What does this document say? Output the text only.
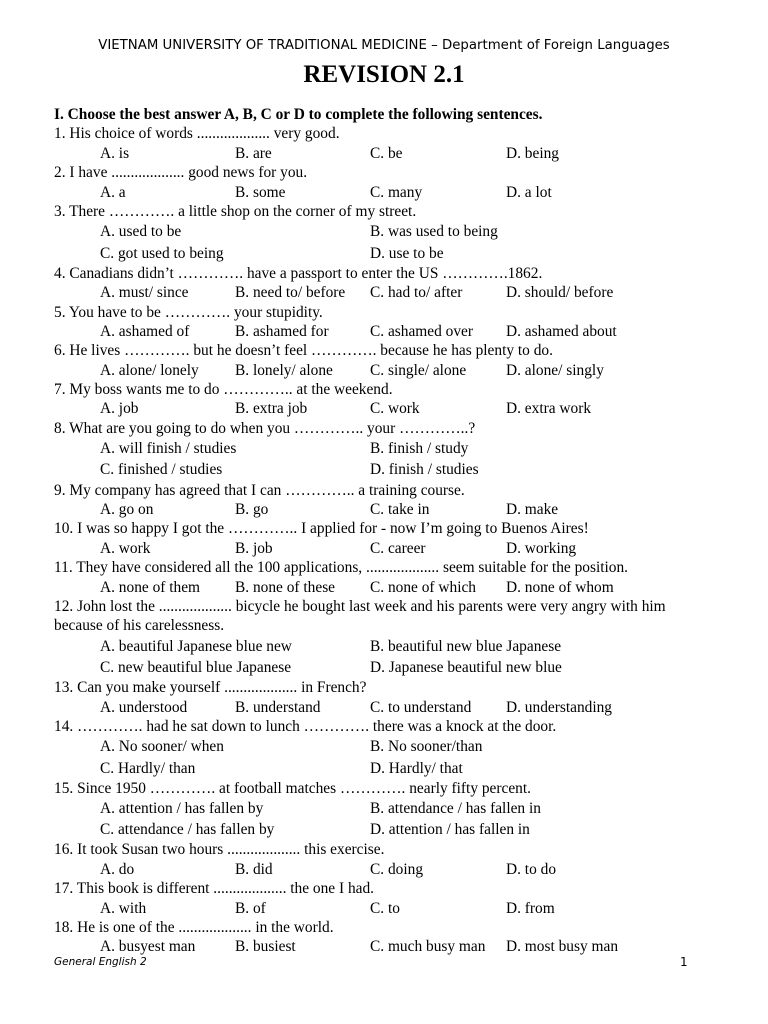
VIETNAM UNIVERSITY OF TRADITIONAL MEDICINE – Department of Foreign Languages
REVISION 2.1
I. Choose the best answer A, B, C or D to complete the following sentences.
1. His choice of words ................... very good.
A. is	B. are	C. be	D. being
2. I have ................... good news for you.
A. a	B. some	C. many	D. a lot
3. There …………. a little shop on the corner of my street.
A. used to be	B. was used to being
C. got used to being	D. use to be
4. Canadians didn’t …………. have a passport to enter the US ………….1862.
A. must/ since	B. need to/ before C. had to/ after	D. should/ before
5. You have to be …………. your stupidity.
A. ashamed of	B. ashamed for	C. ashamed over D. ashamed about
6. He lives …………. but he doesn’t feel …………. because he has plenty to do.
A. alone/ lonely B. lonely/ alone C. single/ alone	D. alone/ singly
7. My boss wants me to do ………….. at the weekend.
A. job	B. extra job	C. work	D. extra work
8. What are you going to do when you ………….. your …………..?
A. will finish / studies	B. finish / study
C. finished / studies	D. finish / studies
9. My company has agreed that I can ………….. a training course.
A. go on	B. go	C. take in	D. make
10. I was so happy I got the ………….. I applied for - now I’m going to Buenos Aires!
A. work	B. job	C. career	D. working
11. They have considered all the 100 applications, ................... seem suitable for the position.
A. none of them B. none of these C. none of which D. none of whom
12. John lost the ................... bicycle he bought last week and his parents were very angry with him because of his carelessness.
A. beautiful Japanese blue new	B. beautiful new blue Japanese
C. new beautiful blue Japanese	D. Japanese beautiful new blue
13. Can you make yourself ................... in French?
A. understood	B. understand	C. to understand D. understanding
14. …………. had he sat down to lunch …………. there was a knock at the door.
A. No sooner/ when	B. No sooner/than
C. Hardly/ than	D. Hardly/ that
15. Since 1950 …………. at football matches …………. nearly fifty percent.
A. attention / has fallen by	B. attendance / has fallen in
C. attendance / has fallen by	D. attention / has fallen in
16. It took Susan two hours ................... this exercise.
A. do	B. did	C. doing	D. to do
17. This book is different ................... the one I had.
A. with	B. of	C. to	D. from
18. He is one of the ................... in the world.
A. busyest man	B. busiest	C. much busy man D. most busy man
General English 2	1
